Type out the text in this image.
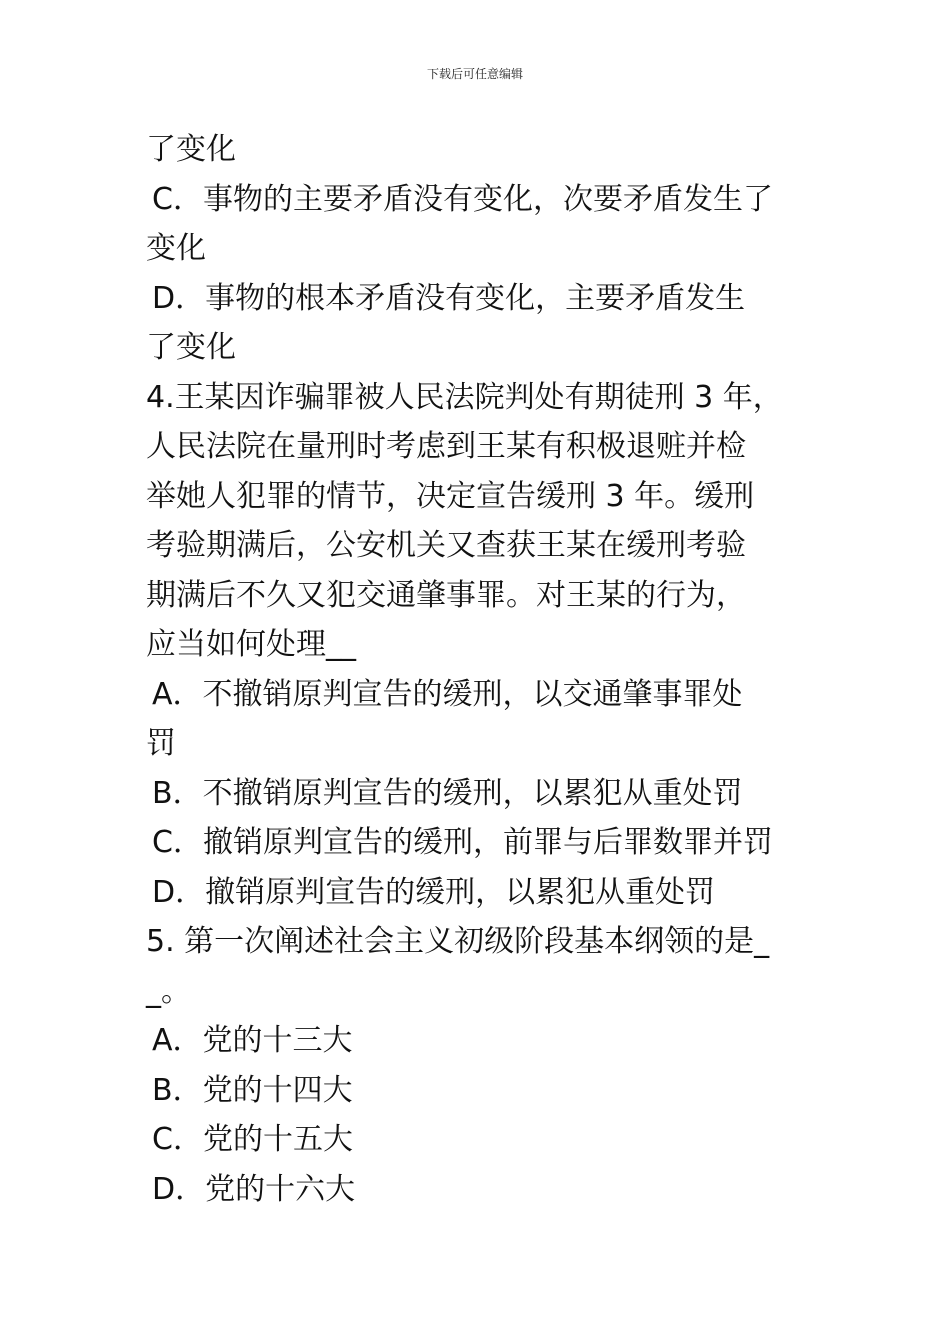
下载后可任意编辑
了变化
C．事物的主要矛盾没有变化，次要矛盾发生了
变化
D．事物的根本矛盾没有变化，主要矛盾发生
了变化
4.王某因诈骗罪被人民法院判处有期徒刑 3 年，
人民法院在量刑时考虑到王某有积极退赃并检
举她人犯罪的情节，决定宣告缓刑 3 年。缓刑
考验期满后，公安机关又查获王某在缓刑考验
期满后不久又犯交通肇事罪。对王某的行为，
应当如何处理__
A．不撤销原判宣告的缓刑，以交通肇事罪处
罚
B．不撤销原判宣告的缓刑，以累犯从重处罚
C．撤销原判宣告的缓刑，前罪与后罪数罪并罚
D．撤销原判宣告的缓刑，以累犯从重处罚
5. 第一次阐述社会主义初级阶段基本纲领的是_
_。
A．党的十三大
B．党的十四大
C．党的十五大
D．党的十六大
